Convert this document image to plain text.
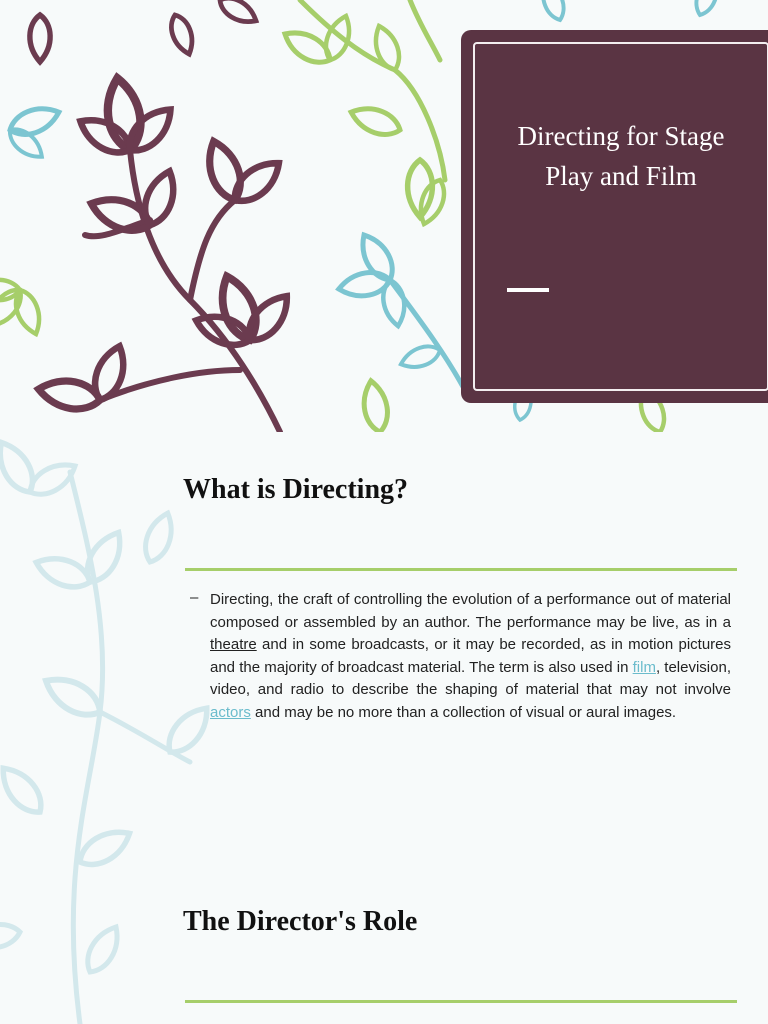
Directing for Stage Play and Film
What is Directing?
– Directing, the craft of controlling the evolution of a performance out of material composed or assembled by an author. The performance may be live, as in a theatre and in some broadcasts, or it may be recorded, as in motion pictures and the majority of broadcast material. The term is also used in film, television, video, and radio to describe the shaping of material that may not involve actors and may be no more than a collection of visual or aural images.
The Director's Role
